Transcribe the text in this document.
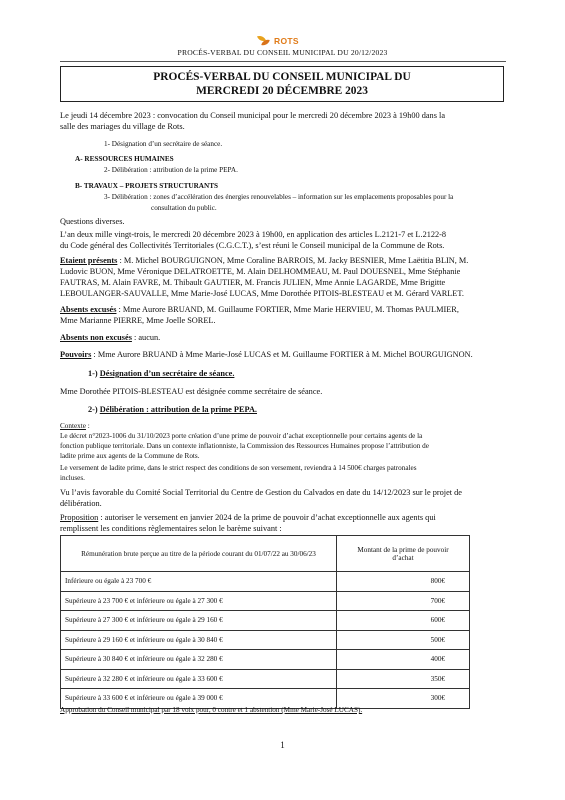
ROTS
PROCÉS-VERBAL DU CONSEIL MUNICIPAL DU 20/12/2023
PROCÉS-VERBAL DU CONSEIL MUNICIPAL DU
MERCREDI 20 DÉCEMBRE 2023
Le jeudi 14 décembre 2023 : convocation du Conseil municipal pour le mercredi 20 décembre 2023 à 19h00 dans la
salle des mariages du village de Rots.
1- Désignation d’un secrétaire de séance.
A- RESSOURCES HUMAINES
2- Délibération : attribution de la prime PEPA.
B- TRAVAUX – PROJETS STRUCTURANTS
3- Délibération : zones d’accélération des énergies renouvelables – information sur les emplacements proposables pour la
consultation du public.
Questions diverses.
L’an deux mille vingt-trois, le mercredi 20 décembre 2023 à 19h00, en application des articles L.2121-7 et L.2122-8
du Code général des Collectivités Territoriales (C.G.C.T.), s’est réuni le Conseil municipal de la Commune de Rots.
Etaient présents : M. Michel BOURGUIGNON, Mme Coraline BARROIS, M. Jacky BESNIER, Mme Laëtitia BLIN, M.
Ludovic BUON, Mme Véronique DELATROETTE, M. Alain DELHOMMEAU, M. Paul DOUESNEL, Mme Stéphanie
FAUTRAS, M. Alain FAVRE, M. Thibault GAUTIER, M. Francis JULIEN, Mme Annie LAGARDE, Mme Brigitte
LEBOULANGER-SAUVALLE, Mme Marie-José LUCAS, Mme Dorothée PITOIS-BLESTEAU et M. Gérard VARLET.
Absents excusés : Mme Aurore BRUAND, M. Guillaume FORTIER, Mme Marie HERVIEU, M. Thomas PAULMIER,
Mme Marianne PIERRE, Mme Joelle SOREL.
Absents non excusés : aucun.
Pouvoirs : Mme Aurore BRUAND à Mme Marie-José LUCAS et M. Guillaume FORTIER à M. Michel BOURGUIGNON.
1-) Désignation d’un secrétaire de séance.
Mme Dorothée PITOIS-BLESTEAU est désignée comme secrétaire de séance.
2-) Délibération : attribution de la prime PEPA.
Contexte :
Le décret n°2023-1006 du 31/10/2023 porte création d’une prime de pouvoir d’achat exceptionnelle pour certains agents de la
fonction publique territoriale. Dans un contexte inflationniste, la Commission des Ressources Humaines propose l’attribution de
ladite prime aux agents de la Commune de Rots.
Le versement de ladite prime, dans le strict respect des conditions de son versement, reviendra à 14 500€ charges patronales
incluses.
Vu l’avis favorable du Comité Social Territorial du Centre de Gestion du Calvados en date du 14/12/2023 sur le projet de
délibération.
Proposition : autoriser le versement en janvier 2024 de la prime de pouvoir d’achat exceptionnelle aux agents qui
remplissent les conditions règlementaires selon le barème suivant :
Rémunération brute perçue au titre de la période courant du 01/07/22 au 30/06/23	Montant de la prime de pouvoir
d’achat

Inférieure ou égale à 23 700 €	800€
Supérieure à 23 700 € et inférieure ou égale à 27 300 €	700€
Supérieure à 27 300 € et inférieure ou égale à 29 160 €	600€
Supérieure à 29 160 € et inférieure ou égale à 30 840 €	500€
Supérieure à 30 840 € et inférieure ou égale à 32 280 €	400€
Supérieure à 32 280 € et inférieure ou égale à 33 600 €	350€
Supérieure à 33 600 € et inférieure ou égale à 39 000 €	300€
Approbation du Conseil municipal par 18 voix pour, 0 contre et 1 abstention (Mme Marie-José LUCAS).
1
